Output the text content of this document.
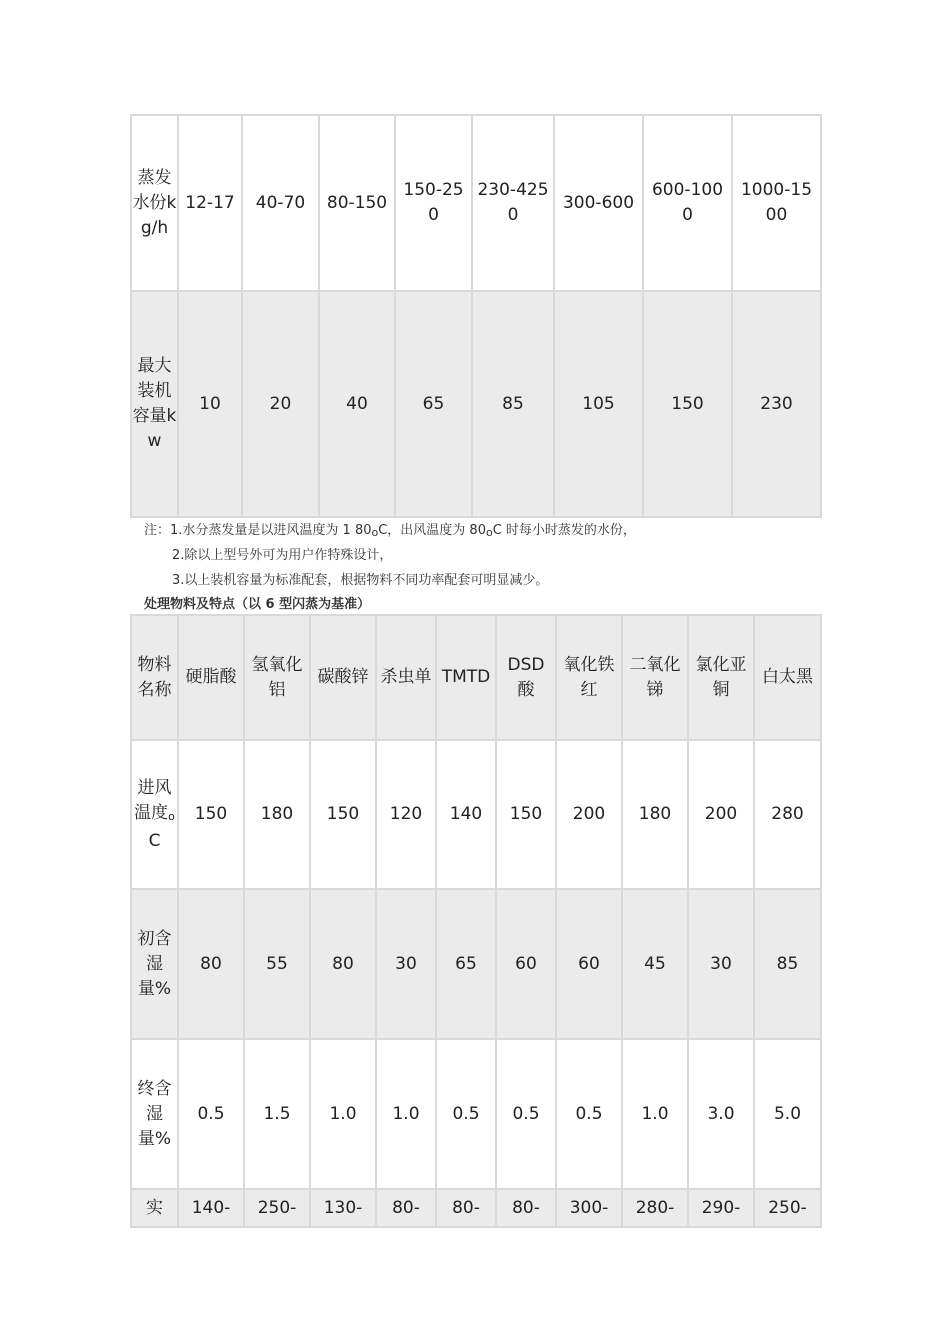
蒸发水份kg/h	12-17	40-70	80-150	150-250	230-4250	300-600	600-1000	1000-1500
最大装机容量kw	10	20	40	65	85	105	150	230
注：1.水分蒸发量是以进风温度为 1 80oC，出风温度为 80oC 时每小时蒸发的水份，
2.除以上型号外可为用户作特殊设计，
3.以上装机容量为标准配套，根据物料不同功率配套可明显减少。
处理物料及特点（以 6 型闪蒸为基准）
物料名称	硬脂酸	氢氧化铝	碳酸锌	杀虫单	TMTD	DSD酸	氧化铁红	二氧化锑	氯化亚铜	白太黑
进风温度oC	150	180	150	120	140	150	200	180	200	280
初含湿量%	80	55	80	30	65	60	60	45	30	85
终含湿量%	0.5	1.5	1.0	1.0	0.5	0.5	0.5	1.0	3.0	5.0
实	140-	250-	130-	80-	80-	80-	300-	280-	290-	250-
